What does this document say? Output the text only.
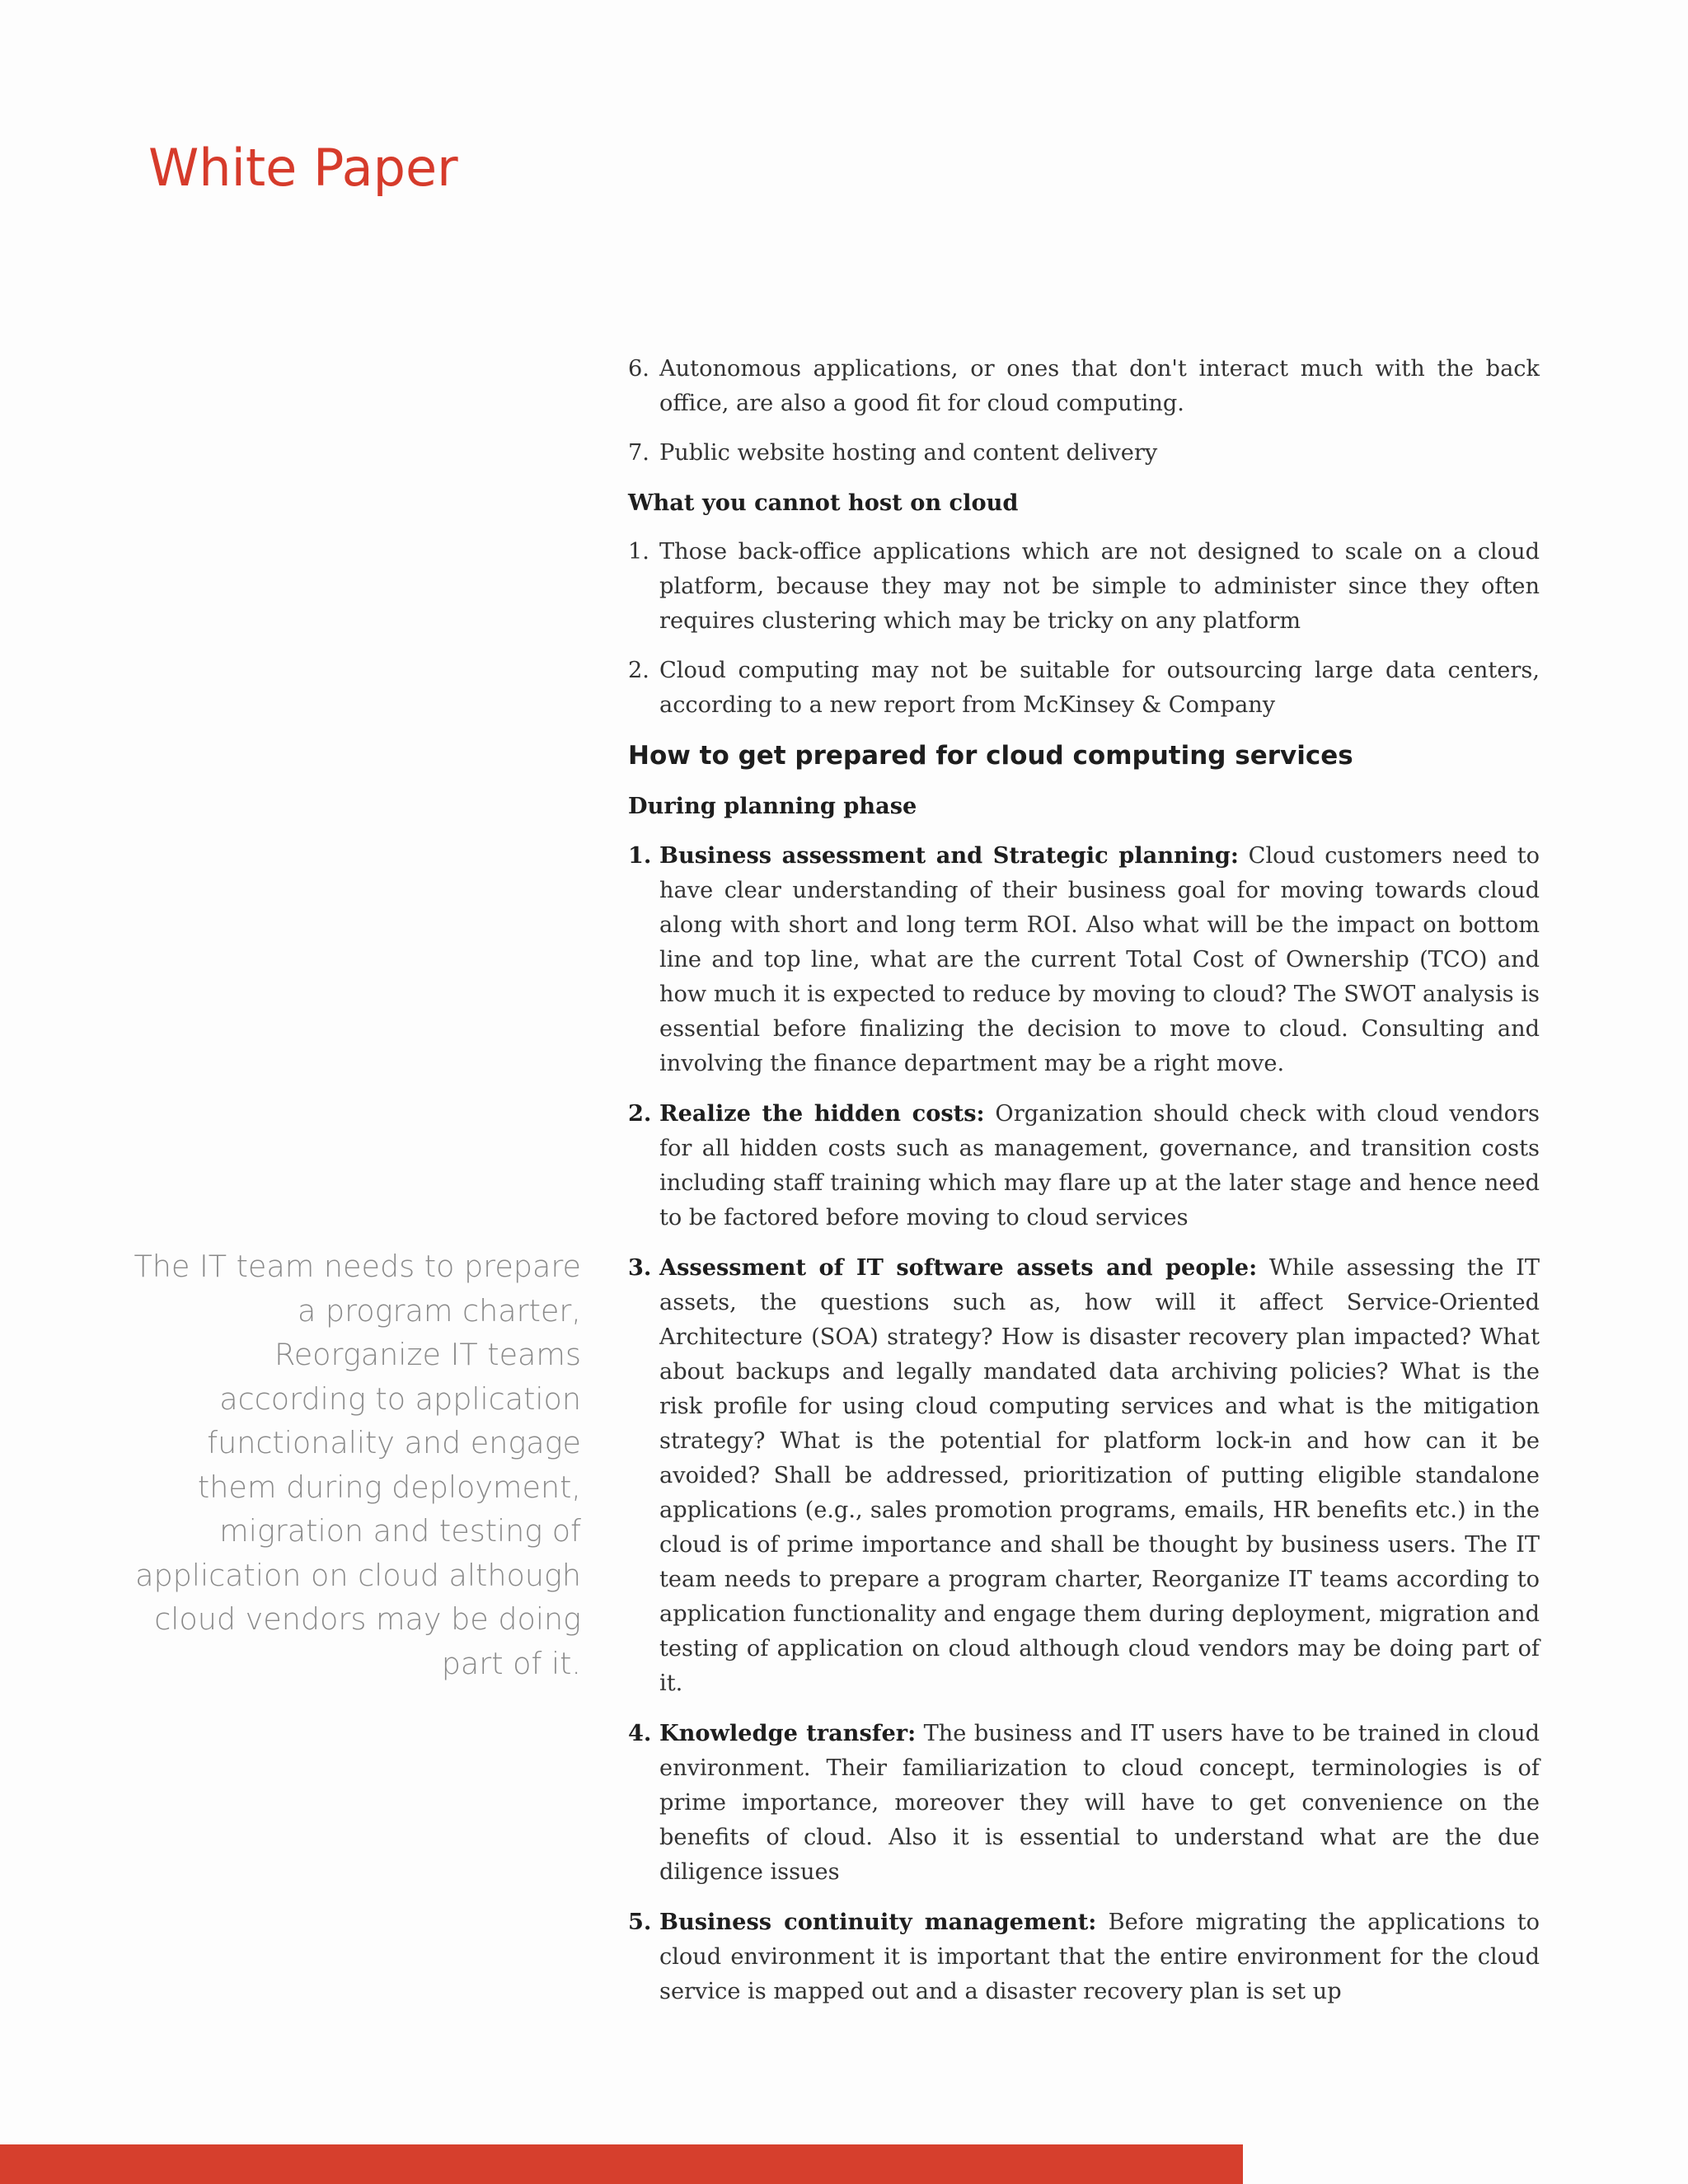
White Paper
The IT team needs to prepare a program charter, Reorganize IT teams according to application functionality and engage them during deployment, migration and testing of application on cloud although cloud vendors may be doing part of it.
6. Autonomous applications, or ones that don't interact much with the back office, are also a good fit for cloud computing.
7. Public website hosting and content delivery

What you cannot host on cloud

1. Those back-office applications which are not designed to scale on a cloud platform, because they may not be simple to administer since they often requires clustering which may be tricky on any platform
2. Cloud computing may not be suitable for outsourcing large data centers, according to a new report from McKinsey & Company

How to get prepared for cloud computing services

During planning phase

1. Business assessment and Strategic planning: Cloud customers need to have clear understanding of their business goal for moving towards cloud along with short and long term ROI. Also what will be the impact on bottom line and top line, what are the current Total Cost of Ownership (TCO) and how much it is expected to reduce by moving to cloud? The SWOT analysis is essential before finalizing the decision to move to cloud. Consulting and involving the finance department may be a right move.
2. Realize the hidden costs: Organization should check with cloud vendors for all hidden costs such as management, governance, and transition costs including staff training which may flare up at the later stage and hence need to be factored before moving to cloud services
3. Assessment of IT software assets and people: While assessing the IT assets, the questions such as, how will it affect Service-Oriented Architecture (SOA) strategy? How is disaster recovery plan impacted? What about backups and legally mandated data archiving policies? What is the risk profile for using cloud computing services and what is the mitigation strategy? What is the potential for platform lock-in and how can it be avoided? Shall be addressed, prioritization of putting eligible standalone applications (e.g., sales promotion programs, emails, HR benefits etc.) in the cloud is of prime importance and shall be thought by business users. The IT team needs to prepare a program charter, Reorganize IT teams according to application functionality and engage them during deployment, migration and testing of application on cloud although cloud vendors may be doing part of it.
4. Knowledge transfer: The business and IT users have to be trained in cloud environment. Their familiarization to cloud concept, terminologies is of prime importance, moreover they will have to get convenience on the benefits of cloud. Also it is essential to understand what are the due diligence issues
5. Business continuity management: Before migrating the applications to cloud environment it is important that the entire environment for the cloud service is mapped out and a disaster recovery plan is set up
